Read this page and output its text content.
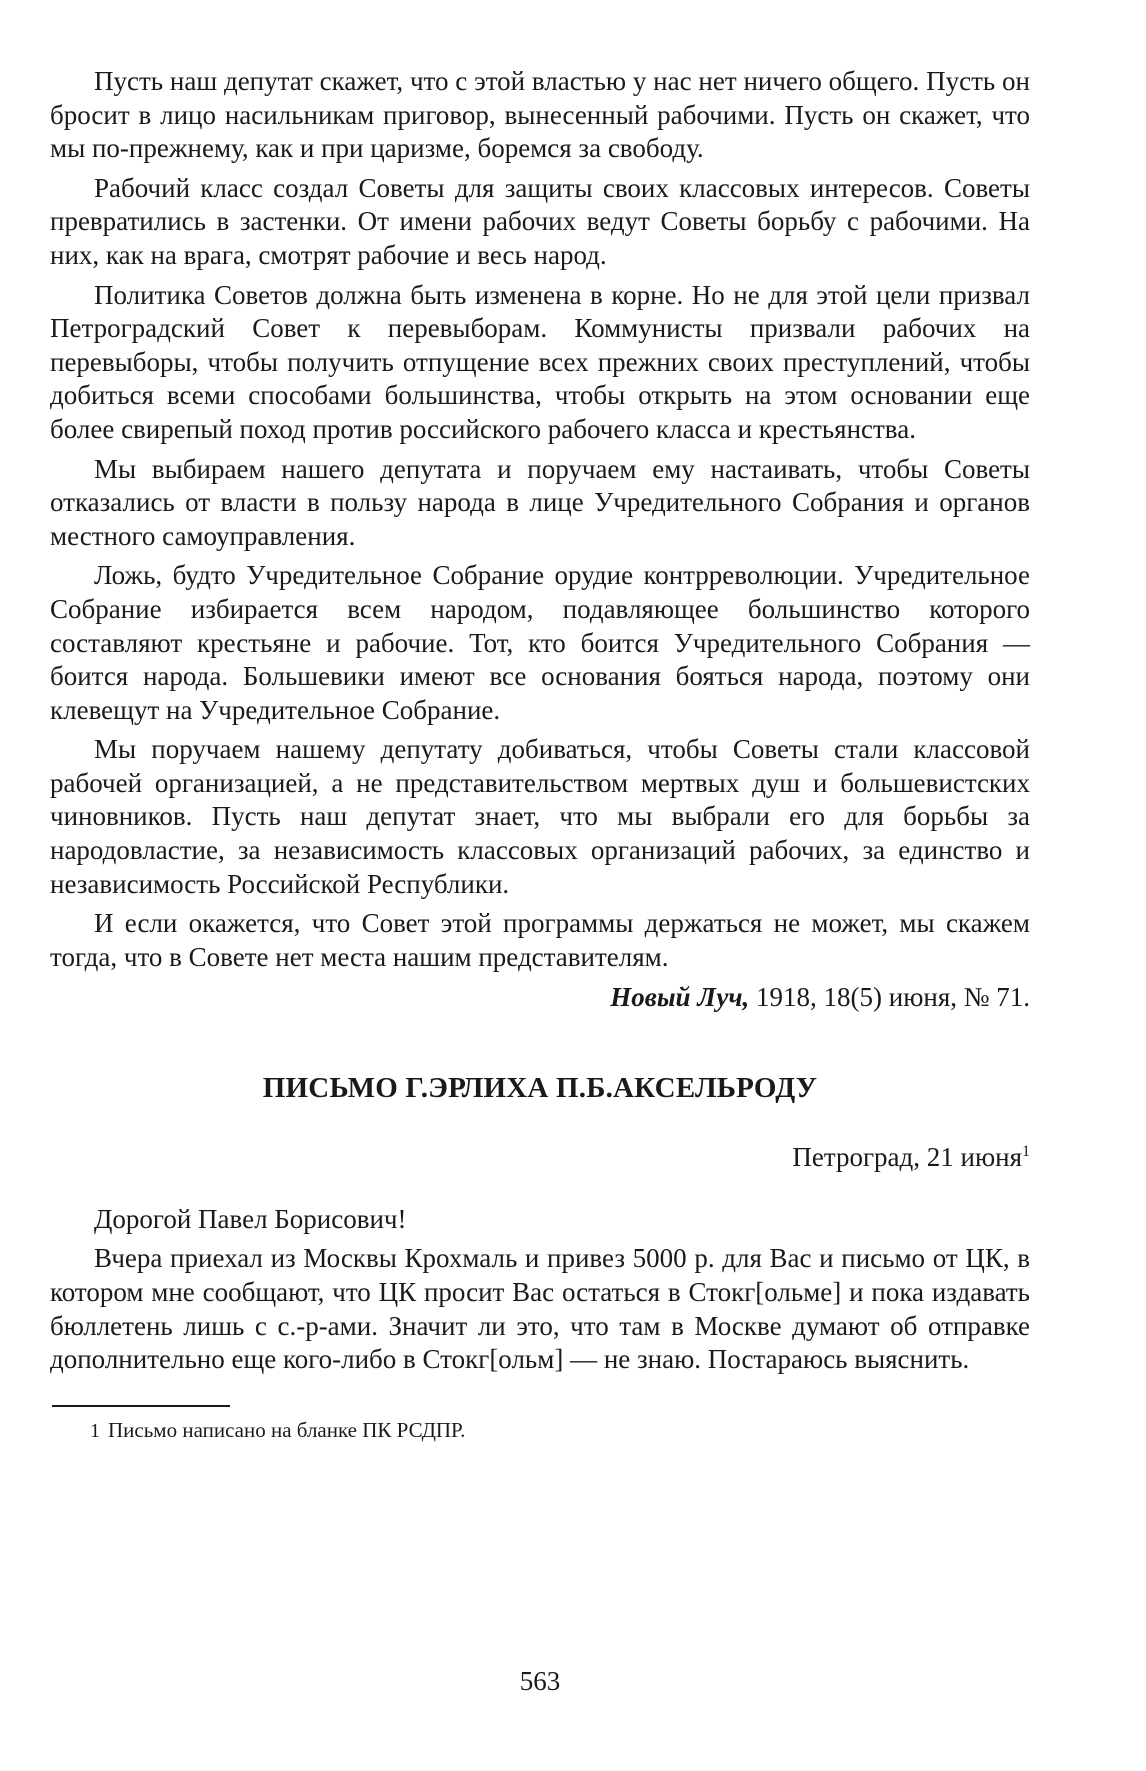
Пусть наш депутат скажет, что с этой властью у нас нет ничего общего. Пусть он бросит в лицо насильникам приговор, вынесенный рабочими. Пусть он скажет, что мы по-прежнему, как и при царизме, боремся за свободу.

Рабочий класс создал Советы для защиты своих классовых интересов. Советы превратились в застенки. От имени рабочих ведут Советы борьбу с рабочими. На них, как на врага, смотрят рабочие и весь народ.

Политика Советов должна быть изменена в корне. Но не для этой цели призвал Петроградский Совет к перевыборам. Коммунисты призвали рабочих на перевыборы, чтобы получить отпущение всех прежних своих преступлений, чтобы добиться всеми способами большинства, чтобы открыть на этом основании еще более свирепый поход против российского рабочего класса и крестьянства.

Мы выбираем нашего депутата и поручаем ему настаивать, чтобы Советы отказались от власти в пользу народа в лице Учредительного Собрания и органов местного самоуправления.

Ложь, будто Учредительное Собрание орудие контрреволюции. Учредительное Собрание избирается всем народом, подавляющее большинство которого составляют крестьяне и рабочие. Тот, кто боится Учредительного Собрания — боится народа. Большевики имеют все основания бояться народа, поэтому они клевещут на Учредительное Собрание.

Мы поручаем нашему депутату добиваться, чтобы Советы стали классовой рабочей организацией, а не представительством мертвых душ и большевистских чиновников. Пусть наш депутат знает, что мы выбрали его для борьбы за народовластие, за независимость классовых организаций рабочих, за единство и независимость Российской Республики.

И если окажется, что Совет этой программы держаться не может, мы скажем тогда, что в Совете нет места нашим представителям.

Новый Луч, 1918, 18(5) июня, № 71.

ПИСЬМО Г.ЭРЛИХА П.Б.АКСЕЛЬРОДУ

Петроград, 21 июня$^1$

Дорогой Павел Борисович!

Вчера приехал из Москвы Крохмаль и привез 5000 р. для Вас и письмо от ЦК, в котором мне сообщают, что ЦК просит Вас остаться в Стокг[ольме] и пока издавать бюллетень лишь с с.-р-ами. Значит ли это, что там в Москве думают об отправке дополнительно еще кого-либо в Стокг[ольм] — не знаю. Постараюсь выяснить.

1 Письмо написано на бланке ПК РСДПР.

563
